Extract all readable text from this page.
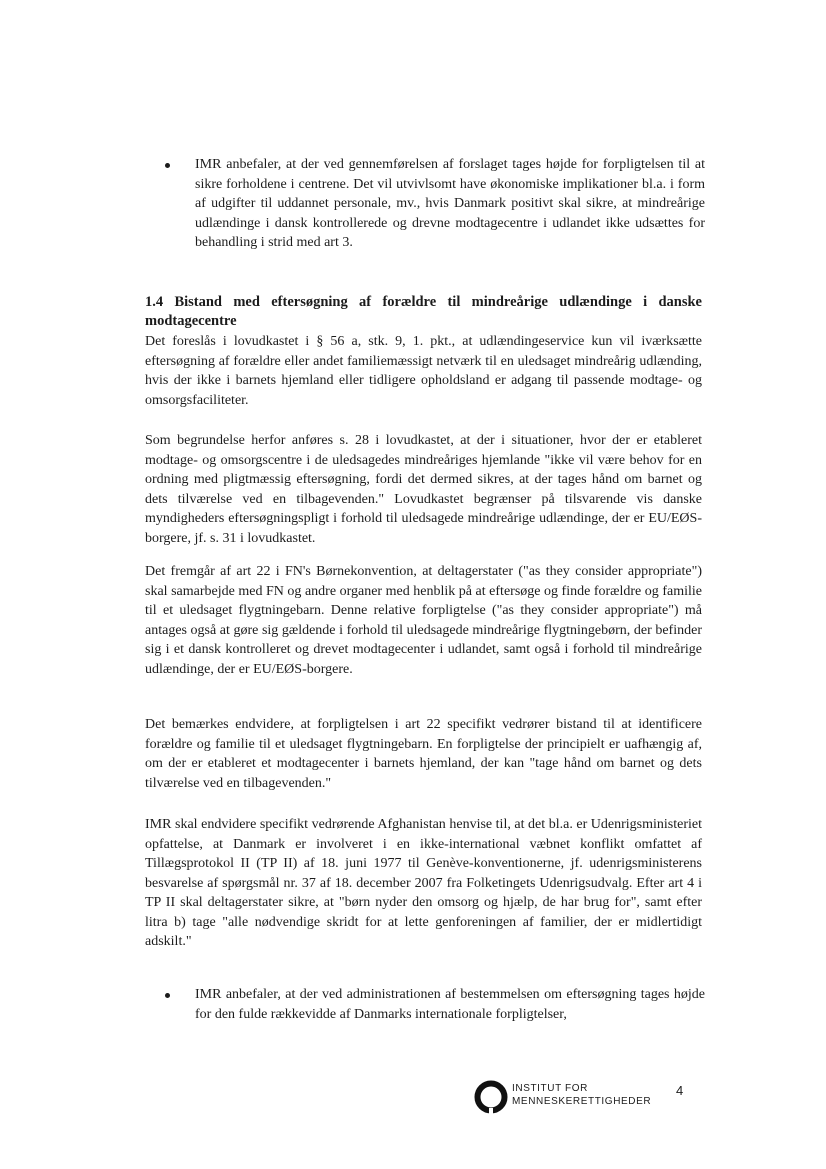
IMR anbefaler, at der ved gennemførelsen af forslaget tages højde for forpligtelsen til at sikre forholdene i centrene. Det vil utvivlsomt have økonomiske implikationer bl.a. i form af udgifter til uddannet personale, mv., hvis Danmark positivt skal sikre, at mindreårige udlændinge i dansk kontrollerede og drevne modtagecentre i udlandet ikke udsættes for behandling i strid med art 3.
1.4 Bistand med eftersøgning af forældre til mindreårige udlændinge i danske modtagecentre

Det foreslås i lovudkastet i § 56 a, stk. 9, 1. pkt., at udlændingeservice kun vil iværksætte eftersøgning af forældre eller andet familiemæssigt netværk til en uledsaget mindreårig udlænding, hvis der ikke i barnets hjemland eller tidligere opholdsland er adgang til passende modtage- og omsorgsfaciliteter.

Som begrundelse herfor anføres s. 28 i lovudkastet, at der i situationer, hvor der er etableret modtage- og omsorgscentre i de uledsagedes mindreåriges hjemlande "ikke vil være behov for en ordning med pligtmæssig eftersøgning, fordi det dermed sikres, at der tages hånd om barnet og dets tilværelse ved en tilbagevenden." Lovudkastet begrænser på tilsvarende vis danske myndigheders eftersøgningspligt i forhold til uledsagede mindreårige udlændinge, der er EU/EØS-borgere, jf. s. 31 i lovudkastet.

Det fremgår af art 22 i FN's Børnekonvention, at deltagerstater ("as they consider appropriate") skal samarbejde med FN og andre organer med henblik på at eftersøge og finde forældre og familie til et uledsaget flygtningebarn. Denne relative forpligtelse ("as they consider appropriate") må antages også at gøre sig gældende i forhold til uledsagede mindreårige flygtningebørn, der befinder sig i et dansk kontrolleret og drevet modtagecenter i udlandet, samt også i forhold til mindreårige udlændinge, der er EU/EØS-borgere.

Det bemærkes endvidere, at forpligtelsen i art 22 specifikt vedrører bistand til at identificere forældre og familie til et uledsaget flygtningebarn. En forpligtelse der principielt er uafhængig af, om der er etableret et modtagecenter i barnets hjemland, der kan "tage hånd om barnet og dets tilværelse ved en tilbagevenden."

IMR skal endvidere specifikt vedrørende Afghanistan henvise til, at det bl.a. er Udenrigsministeriet opfattelse, at Danmark er involveret i en ikke-international væbnet konflikt omfattet af Tillægsprotokol II (TP II) af 18. juni 1977 til Genève-konventionerne, jf. udenrigsministerens besvarelse af spørgsmål nr. 37 af 18. december 2007 fra Folketingets Udenrigsudvalg. Efter art 4 i TP II skal deltagerstater sikre, at "børn nyder den omsorg og hjælp, de har brug for", samt efter litra b) tage "alle nødvendige skridt for at lette genforeningen af familier, der er midlertidigt adskilt."

IMR anbefaler, at der ved administrationen af bestemmelsen om eftersøgning tages højde for den fulde rækkevidde af Danmarks internationale forpligtelser,
INSTITUT FOR
MENNESKERETTIGHEDER
4
